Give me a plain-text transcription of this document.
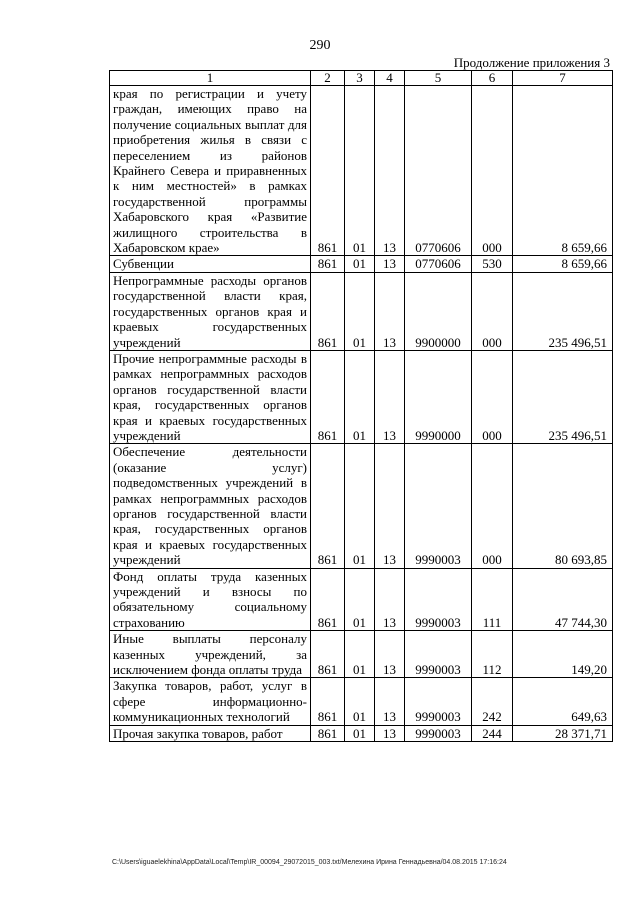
290
Продолжение приложения 3
1	2	3	4	5	6	7
края по регистрации и учету граждан, имеющих право на получение социальных выплат для приобретения жилья в связи с переселением из районов Крайнего Севера и приравненных к ним местностей» в рамках государственной программы Хабаровского края «Развитие жилищного строительства в Хабаровском крае»	861	01	13	0770606	000	8 659,66
Субвенции	861	01	13	0770606	530	8 659,66
Непрограммные расходы органов государственной власти края, государственных органов края и краевых государственных учреждений	861	01	13	9900000	000	235 496,51
Прочие непрограммные расходы в рамках непрограммных расходов органов государственной власти края, государственных органов края и краевых государственных учреждений	861	01	13	9990000	000	235 496,51
Обеспечение деятельности (оказание услуг) подведомственных учреждений в рамках непрограммных расходов органов государственной власти края, государственных органов края и краевых государственных учреждений	861	01	13	9990003	000	80 693,85
Фонд оплаты труда казенных учреждений и взносы по обязательному социальному страхованию	861	01	13	9990003	111	47 744,30
Иные выплаты персоналу казенных учреждений, за исключением фонда оплаты труда	861	01	13	9990003	112	149,20
Закупка товаров, работ, услуг в сфере информационно-коммуникационных технологий	861	01	13	9990003	242	649,63
Прочая закупка товаров, работ	861	01	13	9990003	244	28 371,71
C:\Users\iguaelekhina\AppData\Local\Temp\IR_00094_29072015_003.txt/Мелехина Ирина Геннадьевна/04.08.2015 17:16:24
